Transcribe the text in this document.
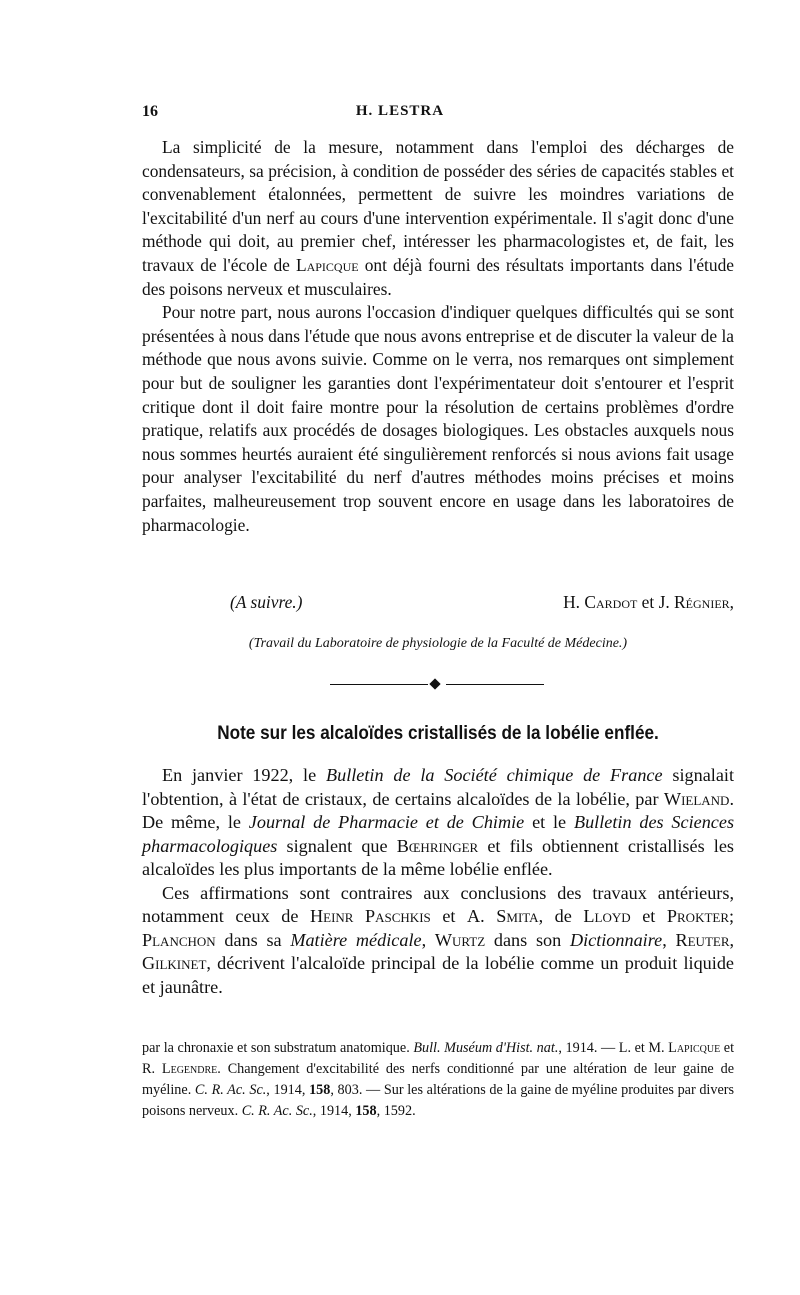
16	H. LESTRA

La simplicité de la mesure, notamment dans l'emploi des décharges de condensateurs, sa précision, à condition de posséder des séries de capacités stables et convenablement étalonnées, permettent de suivre les moindres variations de l'excitabilité d'un nerf au cours d'une intervention expérimentale. Il s'agit donc d'une méthode qui doit, au premier chef, intéresser les pharmacologistes et, de fait, les travaux de l'école de Lapicque ont déjà fourni des résultats importants dans l'étude des poisons nerveux et musculaires.

Pour notre part, nous aurons l'occasion d'indiquer quelques difficultés qui se sont présentées à nous dans l'étude que nous avons entreprise et de discuter la valeur de la méthode que nous avons suivie. Comme on le verra, nos remarques ont simplement pour but de souligner les garanties dont l'expérimentateur doit s'entourer et l'esprit critique dont il doit faire montre pour la résolution de certains problèmes d'ordre pratique, relatifs aux procédés de dosages biologiques. Les obstacles auxquels nous nous sommes heurtés auraient été singulièrement renforcés si nous avions fait usage pour analyser l'excitabilité du nerf d'autres méthodes moins précises et moins parfaites, malheureusement trop souvent encore en usage dans les laboratoires de pharmacologie.

(A suivre.)	H. Cardot et J. Régnier,
(Travail du Laboratoire de physiologie de la Faculté de Médecine.)
Note sur les alcaloïdes cristallisés de la lobélie enflée.

En janvier 1922, le Bulletin de la Société chimique de France signalait l'obtention, à l'état de cristaux, de certains alcaloïdes de la lobélie, par Wieland. De même, le Journal de Pharmacie et de Chimie et le Bulletin des Sciences pharmacologiques signalent que Bœhringer et fils obtiennent cristallisés les alcaloïdes les plus importants de la même lobélie enflée.

Ces affirmations sont contraires aux conclusions des travaux antérieurs, notamment ceux de Heinr Paschkis et A. Smita, de Lloyd et Prokter; Planchon dans sa Matière médicale, Wurtz dans son Dictionnaire, Reuter, Gilkinet, décrivent l'alcaloïde principal de la lobélie comme un produit liquide et jaunâtre.

par la chronaxie et son substratum anatomique. Bull. Muséum d'Hist. nat., 1914. — L. et M. Lapicque et R. Legendre. Changement d'excitabilité des nerfs conditionné par une altération de leur gaine de myéline. C. R. Ac. Sc., 1914, 158, 803. — Sur les altérations de la gaine de myéline produites par divers poisons nerveux. C. R. Ac. Sc., 1914, 158, 1592.
